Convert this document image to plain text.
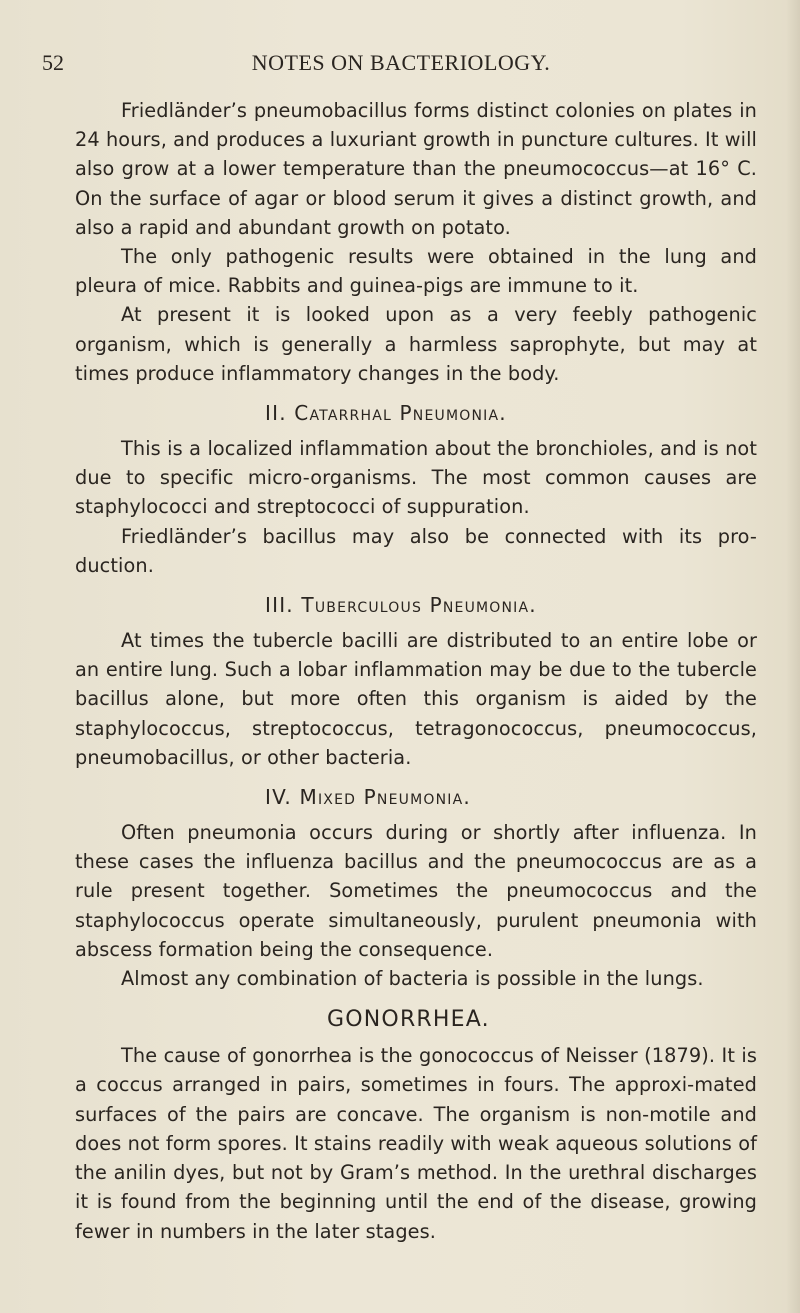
52	NOTES ON BACTERIOLOGY.

Friedländer’s pneumobacillus forms distinct colonies on plates in 24 hours, and produces a luxuriant growth in puncture cultures. It will also grow at a lower temperature than the pneumococcus—at 16° C. On the surface of agar or blood serum it gives a distinct growth, and also a rapid and abundant growth on potato.

The only pathogenic results were obtained in the lung and pleura of mice. Rabbits and guinea-pigs are immune to it.

At present it is looked upon as a very feebly pathogenic organism, which is generally a harmless saprophyte, but may at times produce inflammatory changes in the body.

II. Catarrhal Pneumonia.

This is a localized inflammation about the bronchioles, and is not due to specific micro-organisms. The most common causes are staphylococci and streptococci of suppuration.

Friedländer’s bacillus may also be connected with its pro-duction.

III. Tuberculous Pneumonia.

At times the tubercle bacilli are distributed to an entire lobe or an entire lung. Such a lobar inflammation may be due to the tubercle bacillus alone, but more often this organism is aided by the staphylococcus, streptococcus, tetragonococcus, pneumococcus, pneumobacillus, or other bacteria.

IV. Mixed Pneumonia.

Often pneumonia occurs during or shortly after influenza. In these cases the influenza bacillus and the pneumococcus are as a rule present together. Sometimes the pneumococcus and the staphylococcus operate simultaneously, purulent pneumonia with abscess formation being the consequence.

Almost any combination of bacteria is possible in the lungs.

GONORRHEA.

The cause of gonorrhea is the gonococcus of Neisser (1879). It is a coccus arranged in pairs, sometimes in fours. The approxi-mated surfaces of the pairs are concave. The organism is non-motile and does not form spores. It stains readily with weak aqueous solutions of the anilin dyes, but not by Gram’s method. In the urethral discharges it is found from the beginning until the end of the disease, growing fewer in numbers in the later stages.
